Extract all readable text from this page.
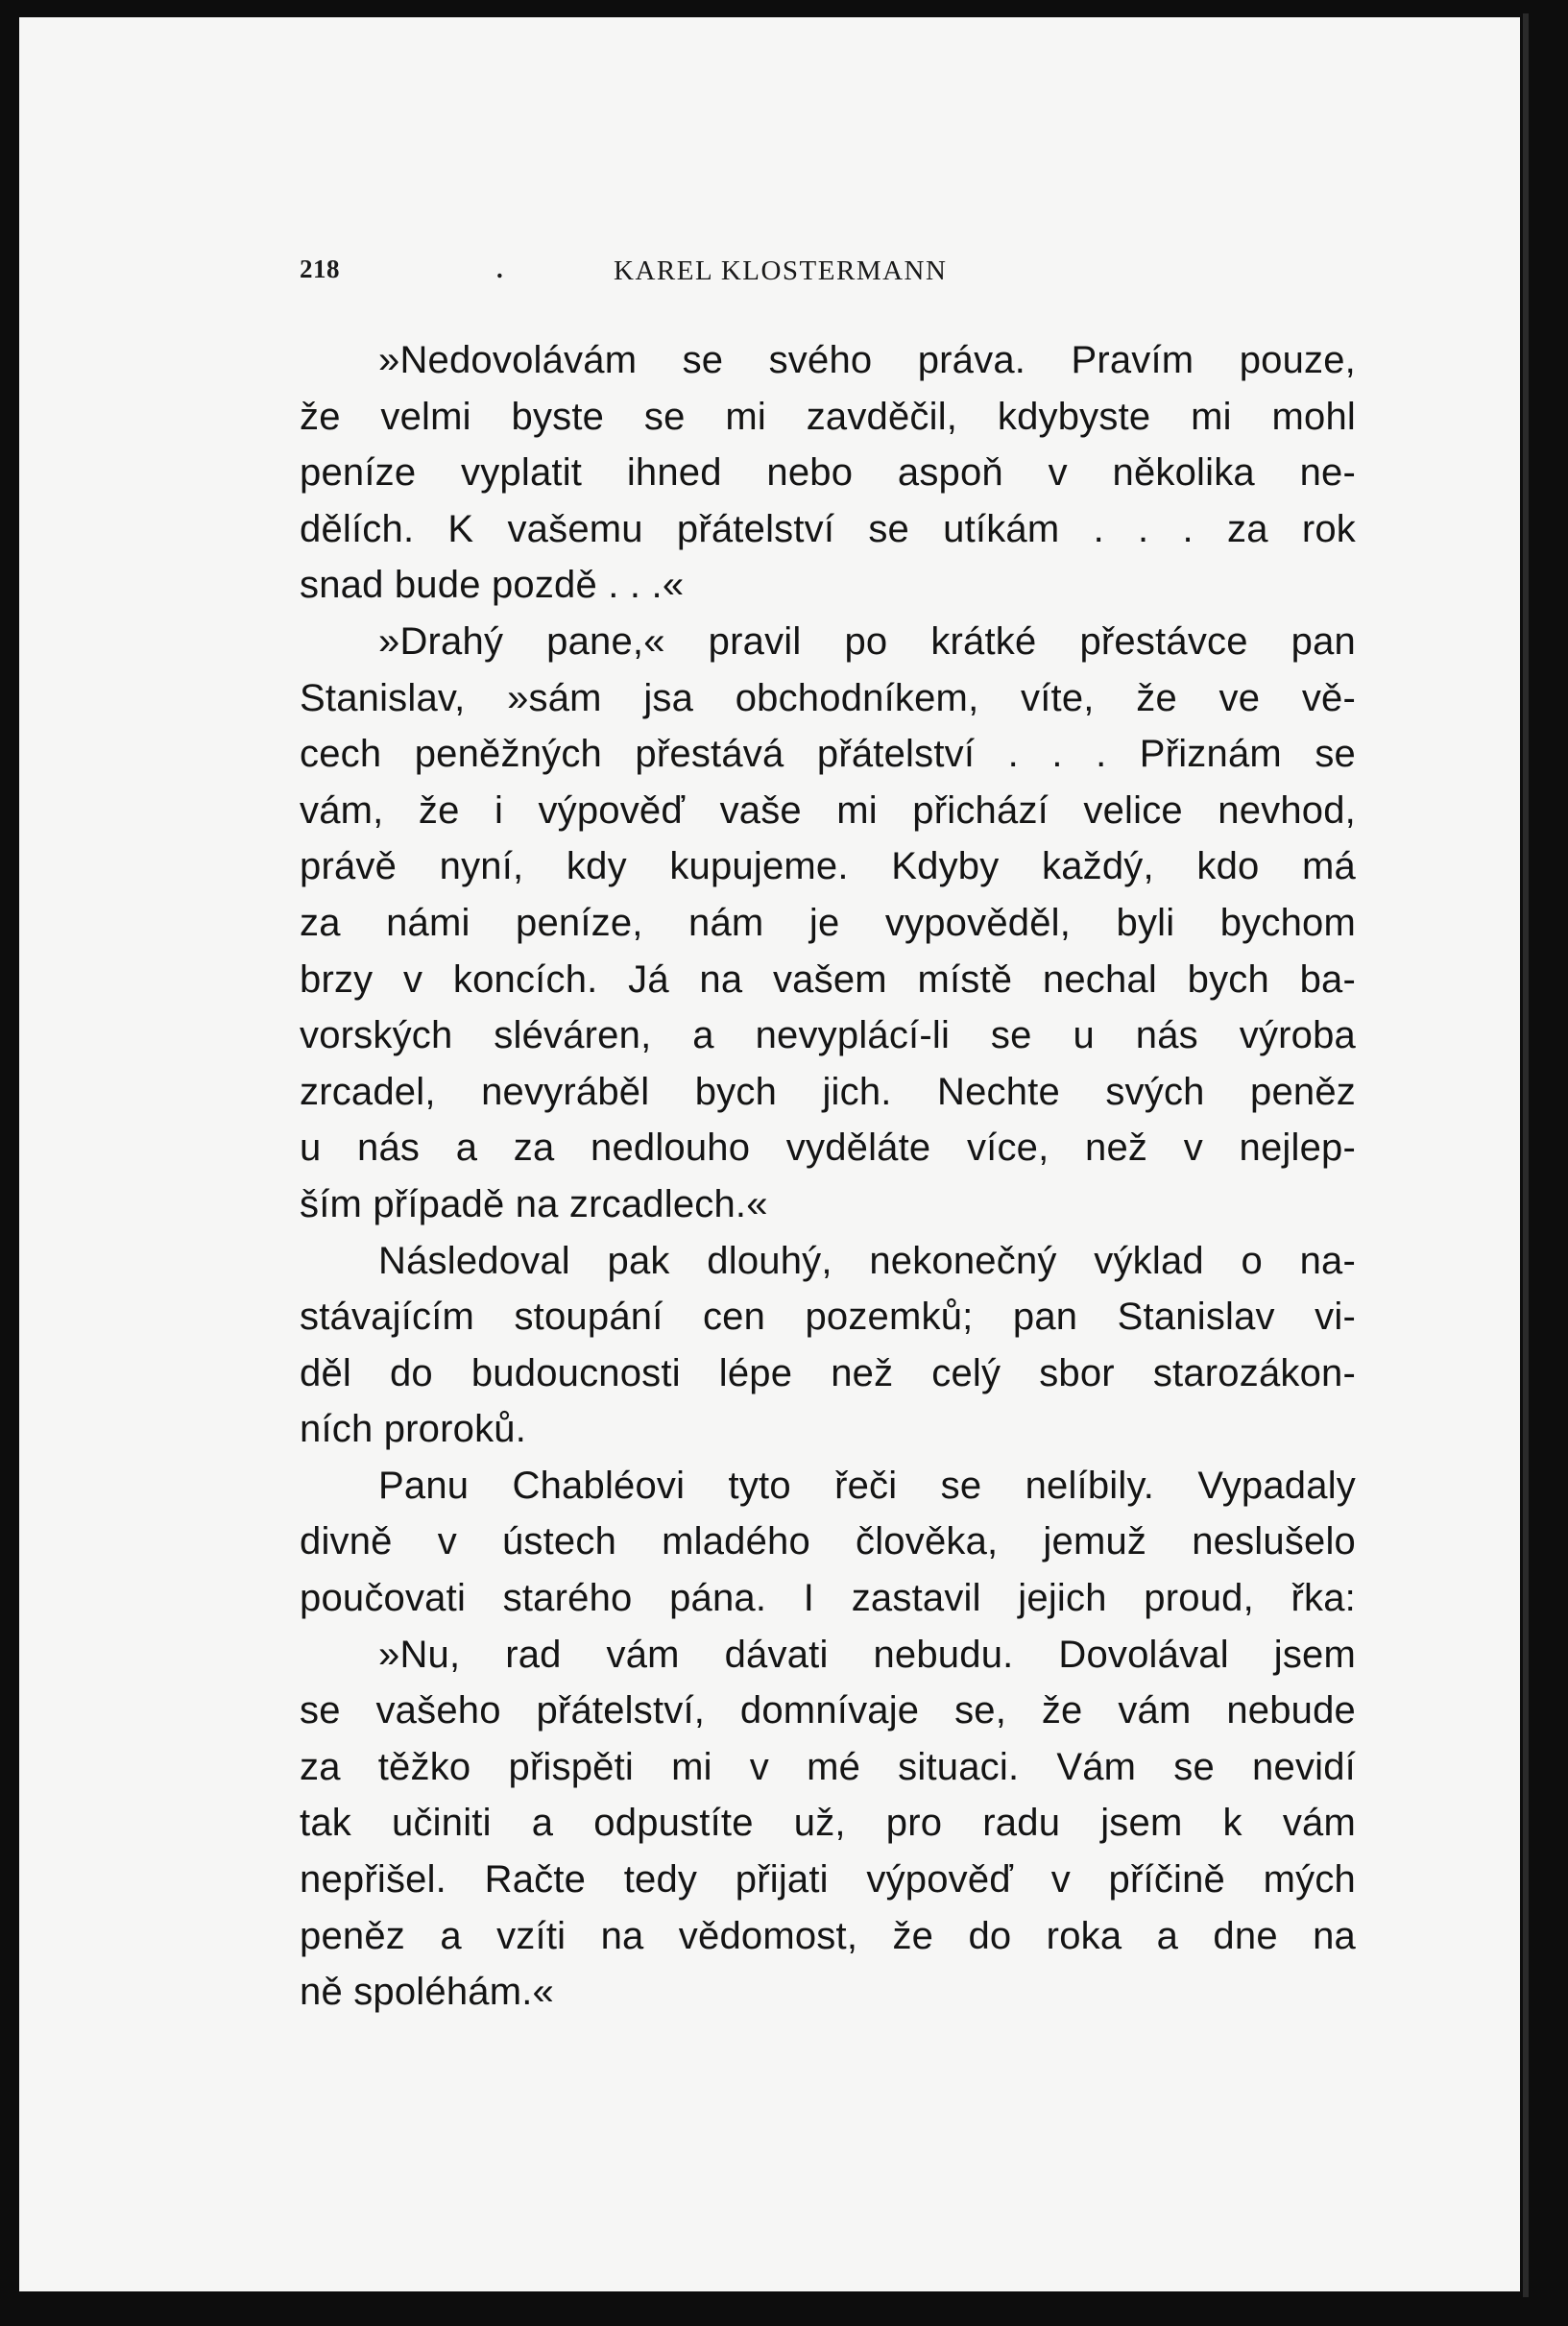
218	.	KAREL KLOSTERMANN
»Nedovolávám se svého práva. Pravím pouze,
že velmi byste se mi zavděčil, kdybyste mi mohl
peníze vyplatit ihned nebo aspoň v několika ne-
dělích. K vašemu přátelství se utíkám . . . za rok
snad bude pozdě . . .«
»Drahý pane,« pravil po krátké přestávce pan
Stanislav, »sám jsa obchodníkem, víte, že ve vě-
cech peněžných přestává přátelství . . . Přiznám se
vám, že i výpověď vaše mi přichází velice nevhod,
právě nyní, kdy kupujeme. Kdyby každý, kdo má
za námi peníze, nám je vypověděl, byli bychom
brzy v koncích. Já na vašem místě nechal bych ba-
vorských sléváren, a nevyplácí-li se u nás výroba
zrcadel, nevyráběl bych jich. Nechte svých peněz
u nás a za nedlouho vyděláte více, než v nejlep-
ším případě na zrcadlech.«
Následoval pak dlouhý, nekonečný výklad o na-
stávajícím stoupání cen pozemků; pan Stanislav vi-
děl do budoucnosti lépe než celý sbor starozákon-
ních proroků.
Panu Chabléovi tyto řeči se nelíbily. Vypadaly
divně v ústech mladého člověka, jemuž neslušelo
poučovati starého pána. I zastavil jejich proud, řka:
»Nu, rad vám dávati nebudu. Dovolával jsem
se vašeho přátelství, domnívaje se, že vám nebude
za těžko přispěti mi v mé situaci. Vám se nevidí
tak učiniti a odpustíte už, pro radu jsem k vám
nepřišel. Račte tedy přijati výpověď v příčině mých
peněz a vzíti na vědomost, že do roka a dne na
ně spoléhám.«
